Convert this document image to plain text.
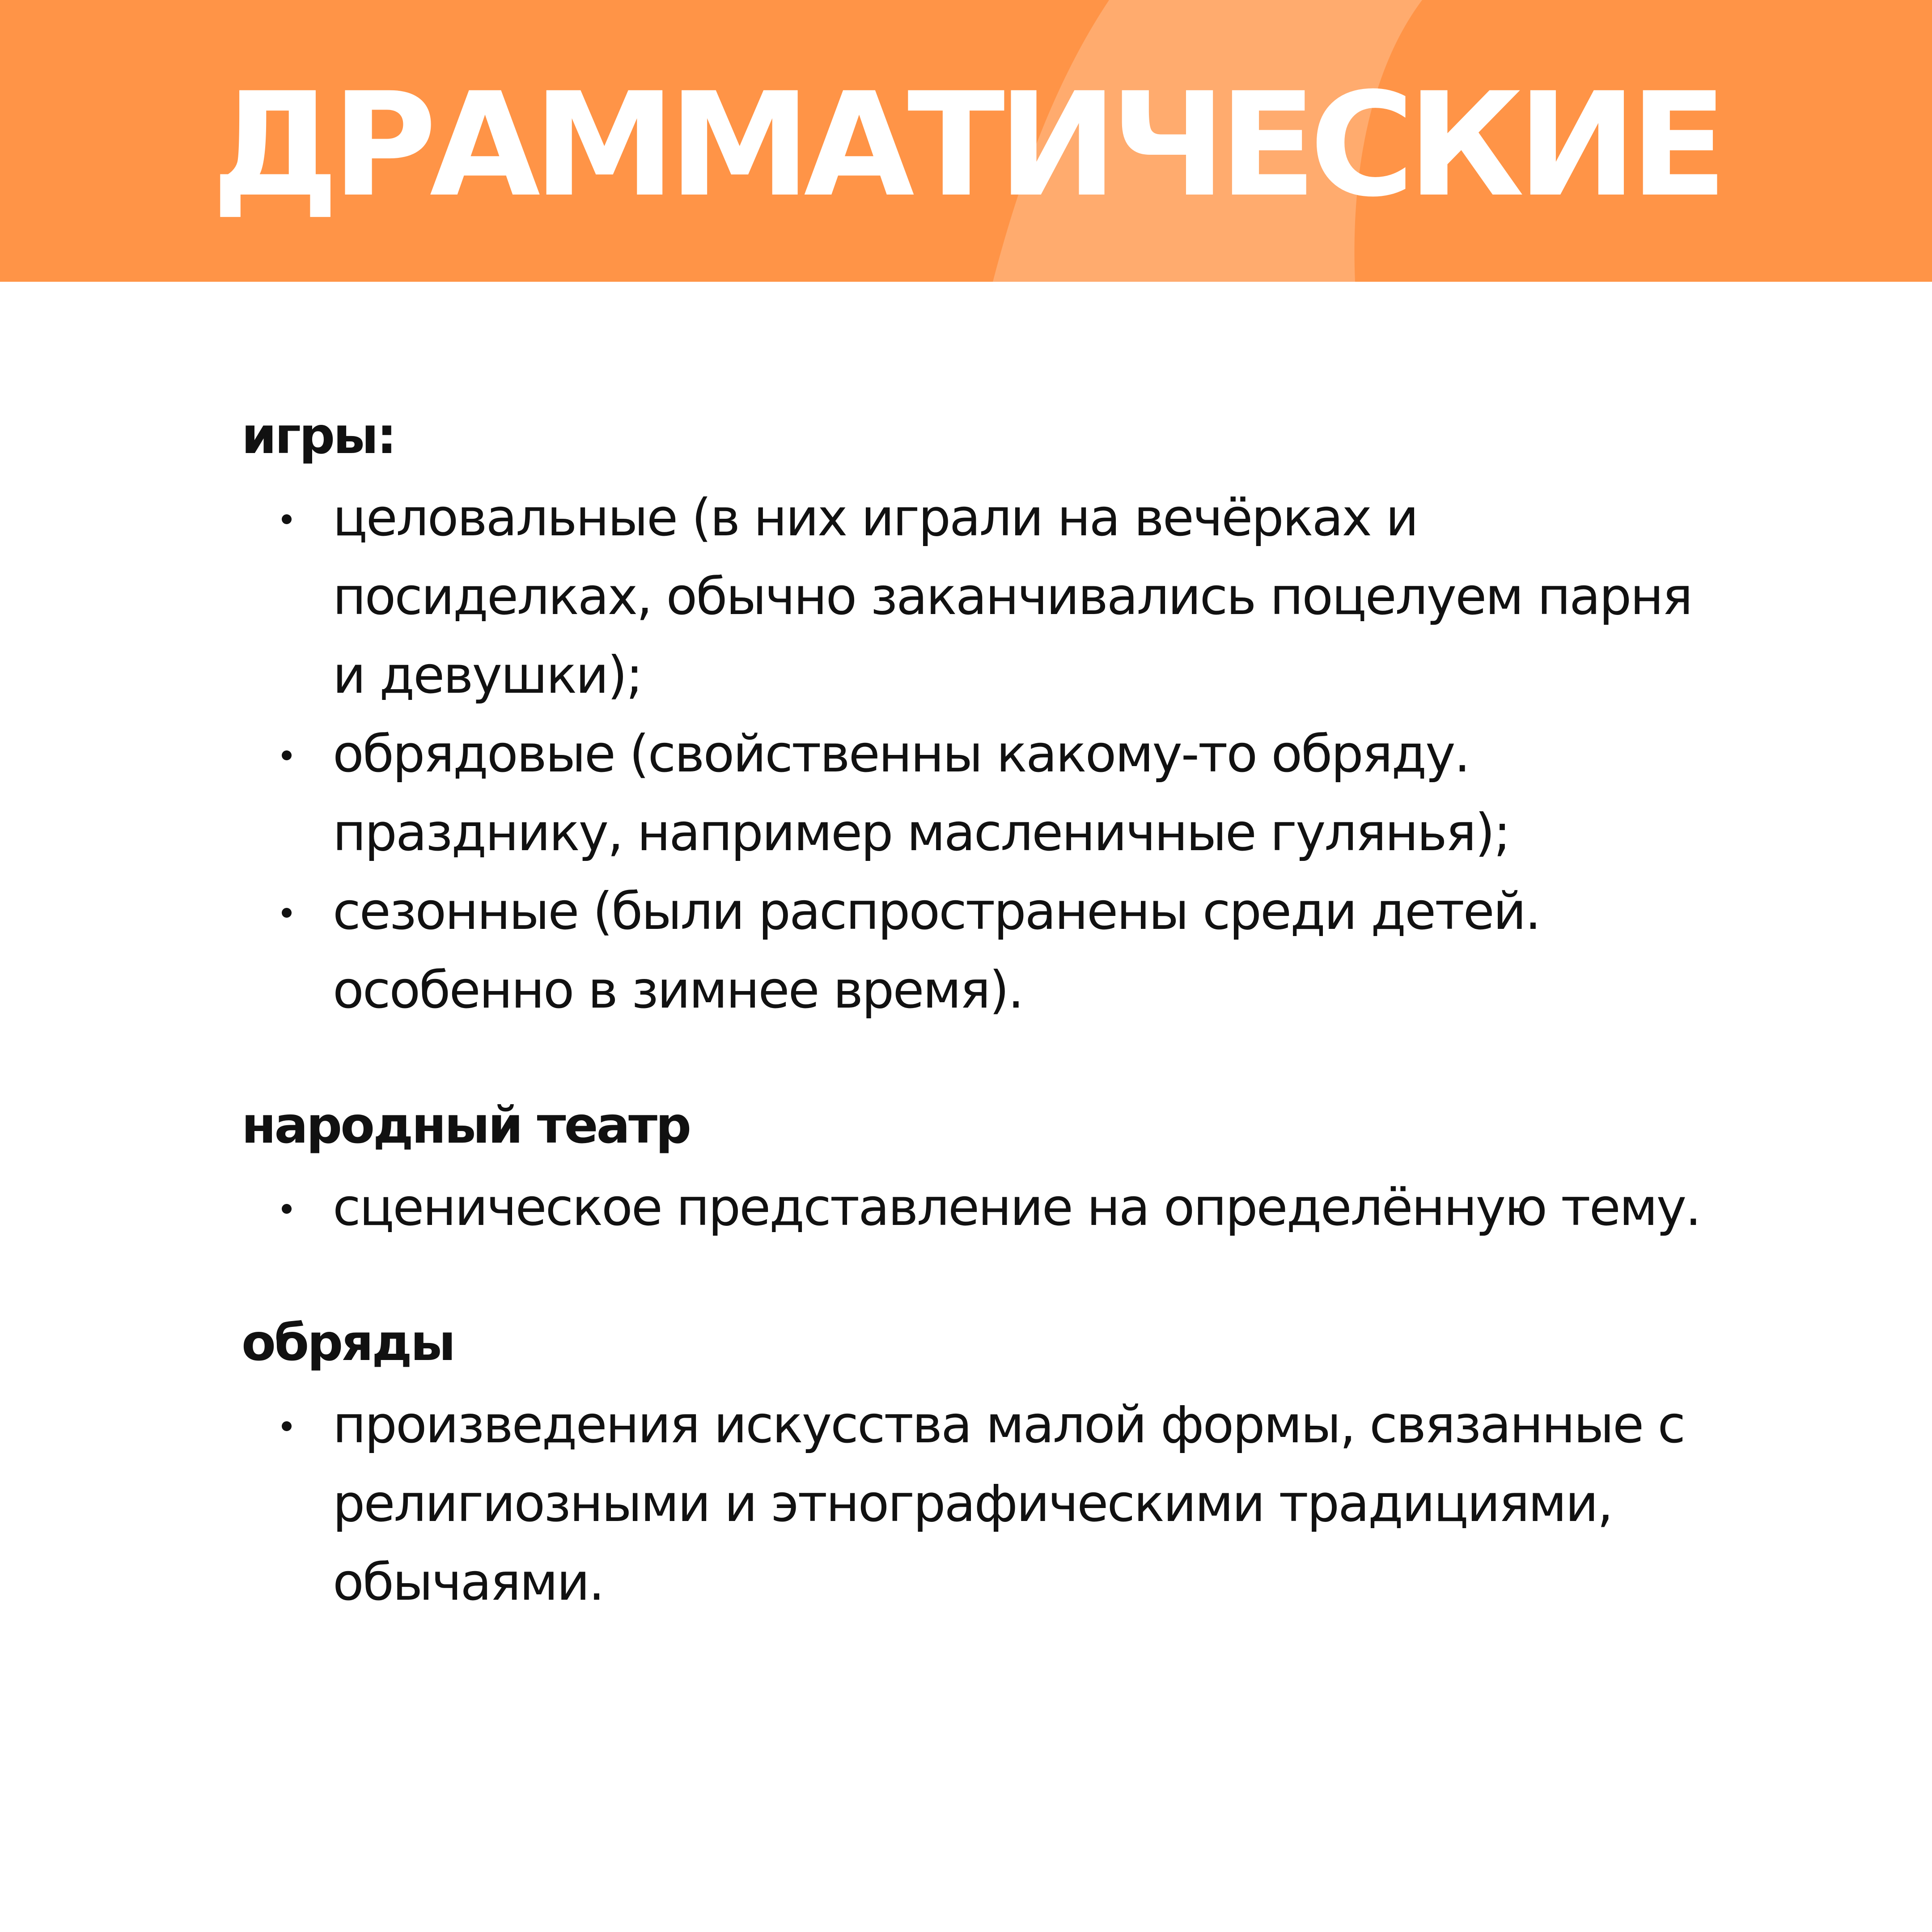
ДРАММАТИЧЕСКИЕ
игры:
целовальные (в них играли на вечёрках и посиделках, обычно заканчивались поцелуем парня и девушки);
обрядовые (свойственны какому-то обряду. празднику, например масленичные гулянья);
сезонные (были распространены среди детей. особенно в зимнее время).
народный театр
сценическое представление на определённую тему.
обряды
произведения искусства малой формы, связанные с религиозными и этнографическими традициями, обычаями.
